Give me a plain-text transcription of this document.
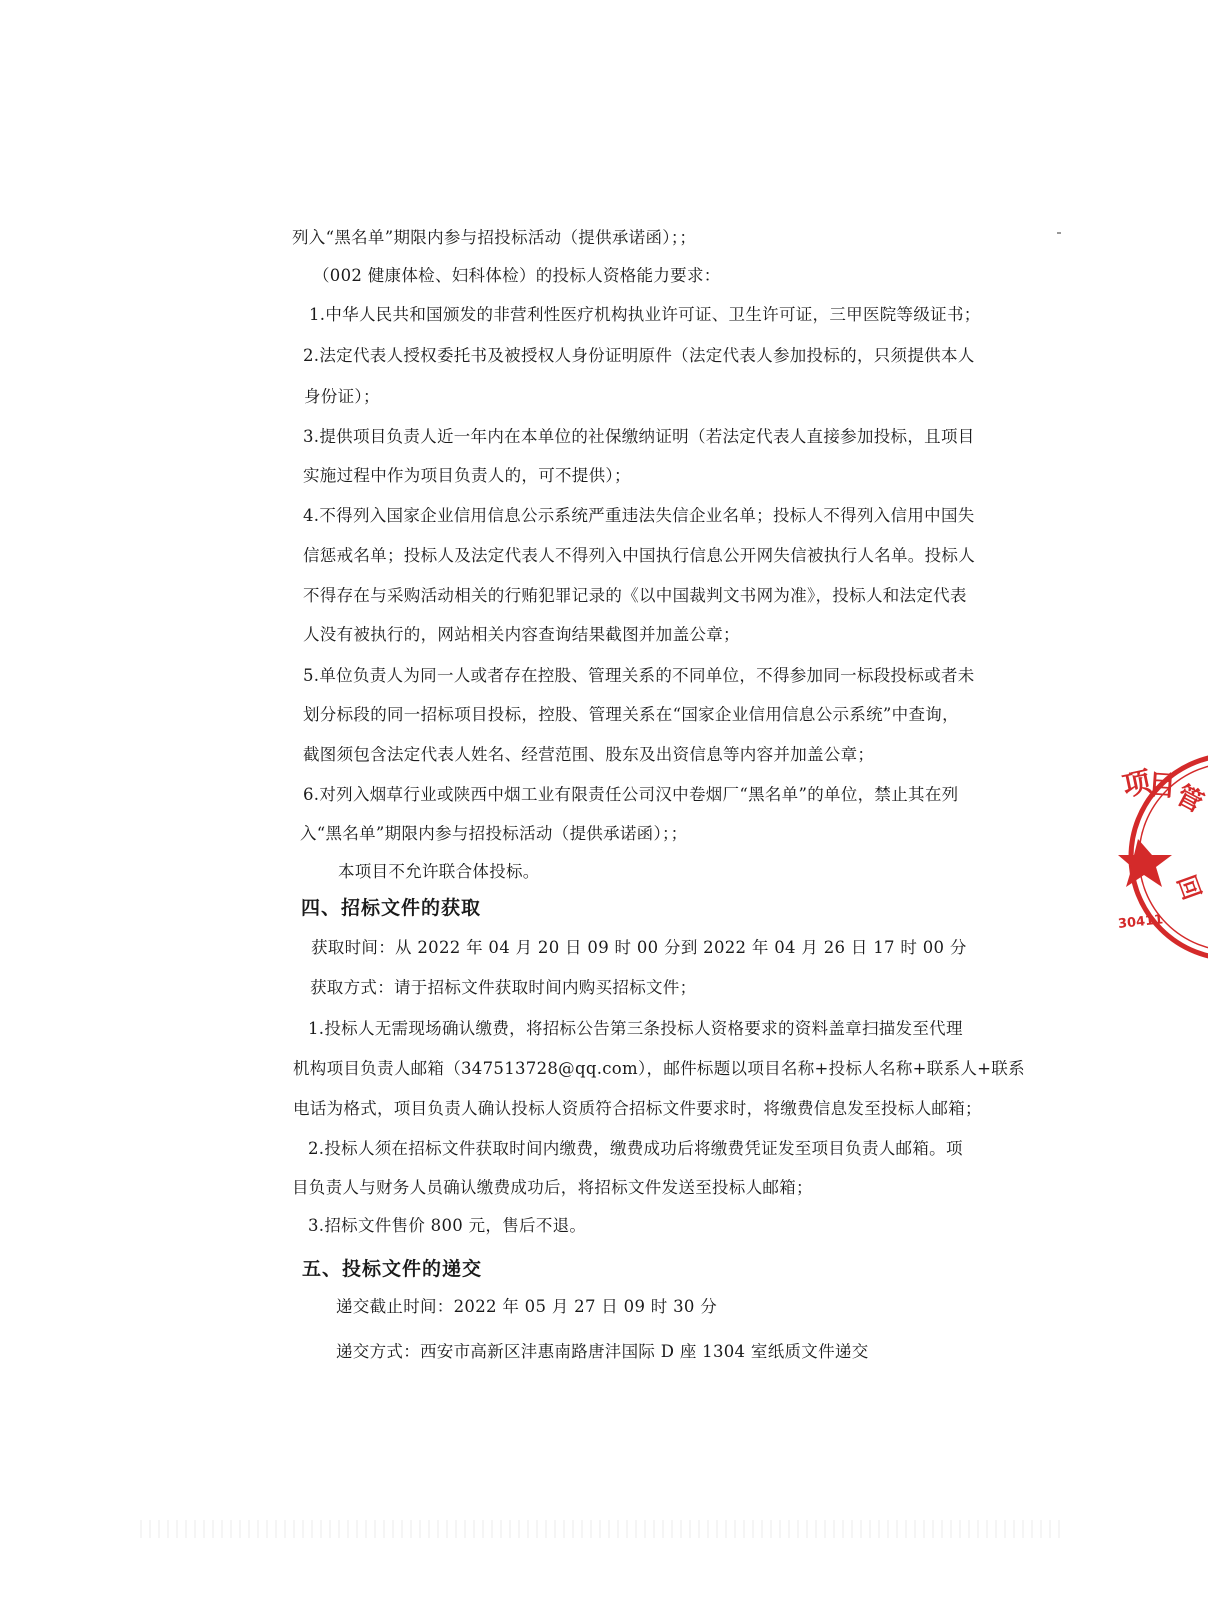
列入“黑名单”期限内参与招投标活动（提供承诺函）；；
（002 健康体检、妇科体检）的投标人资格能力要求：
1.中华人民共和国颁发的非营利性医疗机构执业许可证、卫生许可证，三甲医院等级证书；
2.法定代表人授权委托书及被授权人身份证明原件（法定代表人参加投标的，只须提供本人
身份证）；
3.提供项目负责人近一年内在本单位的社保缴纳证明（若法定代表人直接参加投标，且项目
实施过程中作为项目负责人的，可不提供）；
4.不得列入国家企业信用信息公示系统严重违法失信企业名单；投标人不得列入信用中国失
信惩戒名单；投标人及法定代表人不得列入中国执行信息公开网失信被执行人名单。投标人
不得存在与采购活动相关的行贿犯罪记录的《以中国裁判文书网为准》，投标人和法定代表
人没有被执行的，网站相关内容查询结果截图并加盖公章；
5.单位负责人为同一人或者存在控股、管理关系的不同单位，不得参加同一标段投标或者未
划分标段的同一招标项目投标，控股、管理关系在“国家企业信用信息公示系统”中查询，
截图须包含法定代表人姓名、经营范围、股东及出资信息等内容并加盖公章；
6.对列入烟草行业或陕西中烟工业有限责任公司汉中卷烟厂“黑名单”的单位，禁止其在列
入“黑名单”期限内参与招投标活动（提供承诺函）；；
本项目不允许联合体投标。
四、招标文件的获取
获取时间：从 2022 年 04 月 20 日 09 时 00 分到 2022 年 04 月 26 日 17 时 00 分
获取方式：请于招标文件获取时间内购买招标文件；
1.投标人无需现场确认缴费，将招标公告第三条投标人资格要求的资料盖章扫描发至代理
机构项目负责人邮箱（347513728@qq.com），邮件标题以项目名称+投标人名称+联系人+联系
电话为格式，项目负责人确认投标人资质符合招标文件要求时，将缴费信息发至投标人邮箱；
2.投标人须在招标文件获取时间内缴费，缴费成功后将缴费凭证发至项目负责人邮箱。项
目负责人与财务人员确认缴费成功后，将招标文件发送至投标人邮箱；
3.招标文件售价 800 元，售后不退。
五、投标文件的递交
递交截止时间：2022 年 05 月 27 日 09 时 30 分
递交方式：西安市高新区沣惠南路唐沣国际 D 座 1304 室纸质文件递交
项
目
管
回
30411
